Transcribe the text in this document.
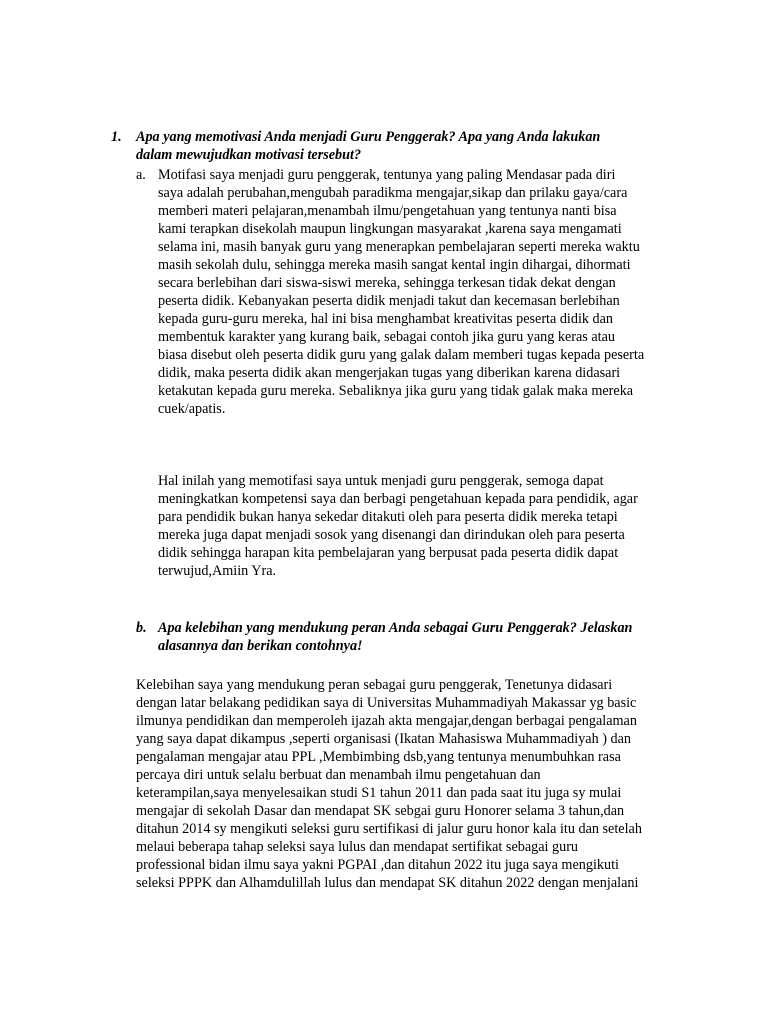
1. Apa yang memotivasi Anda menjadi Guru Penggerak? Apa yang Anda lakukan
dalam mewujudkan motivasi tersebut?
a. Motifasi saya menjadi guru penggerak, tentunya yang paling Mendasar pada diri
saya adalah perubahan,mengubah paradikma mengajar,sikap dan prilaku gaya/cara
memberi materi pelajaran,menambah ilmu/pengetahuan yang tentunya nanti bisa
kami terapkan disekolah maupun lingkungan masyarakat ,karena saya mengamati
selama ini, masih banyak guru yang menerapkan pembelajaran seperti mereka waktu
masih sekolah dulu, sehingga mereka masih sangat kental ingin dihargai, dihormati
secara berlebihan dari siswa-siswi mereka, sehingga terkesan tidak dekat dengan
peserta didik. Kebanyakan peserta didik menjadi takut dan kecemasan berlebihan
kepada guru-guru mereka, hal ini bisa menghambat kreativitas peserta didik dan
membentuk karakter yang kurang baik, sebagai contoh jika guru yang keras atau
biasa disebut oleh peserta didik guru yang galak dalam memberi tugas kepada peserta
didik, maka peserta didik akan mengerjakan tugas yang diberikan karena didasari
ketakutan kepada guru mereka. Sebaliknya jika guru yang tidak galak maka mereka
cuek/apatis.
Hal inilah yang memotifasi saya untuk menjadi guru penggerak, semoga dapat
meningkatkan kompetensi saya dan berbagi pengetahuan kepada para pendidik, agar
para pendidik bukan hanya sekedar ditakuti oleh para peserta didik mereka tetapi
mereka juga dapat menjadi sosok yang disenangi dan dirindukan oleh para peserta
didik sehingga harapan kita pembelajaran yang berpusat pada peserta didik dapat
terwujud,Amiin Yra.
b. Apa kelebihan yang mendukung peran Anda sebagai Guru Penggerak? Jelaskan
alasannya dan berikan contohnya!
Kelebihan saya yang mendukung peran sebagai guru penggerak, Tenetunya didasari
dengan latar belakang pedidikan saya di Universitas Muhammadiyah Makassar yg basic
ilmunya pendidikan dan memperoleh ijazah akta mengajar,dengan berbagai pengalaman
yang saya dapat dikampus ,seperti organisasi (Ikatan Mahasiswa Muhammadiyah ) dan
pengalaman mengajar atau PPL ,Membimbing dsb,yang tentunya menumbuhkan rasa
percaya diri untuk selalu berbuat dan menambah ilmu pengetahuan dan
keterampilan,saya menyelesaikan studi S1 tahun 2011 dan pada saat itu juga sy mulai
mengajar di sekolah Dasar dan mendapat SK sebgai guru Honorer selama 3 tahun,dan
ditahun 2014 sy mengikuti seleksi guru sertifikasi di jalur guru honor kala itu dan setelah
melaui beberapa tahap seleksi saya lulus dan mendapat sertifikat sebagai guru
professional bidan ilmu saya yakni PGPAI ,dan ditahun 2022 itu juga saya mengikuti
seleksi PPPK dan Alhamdulillah lulus dan mendapat SK ditahun 2022 dengan menjalani
